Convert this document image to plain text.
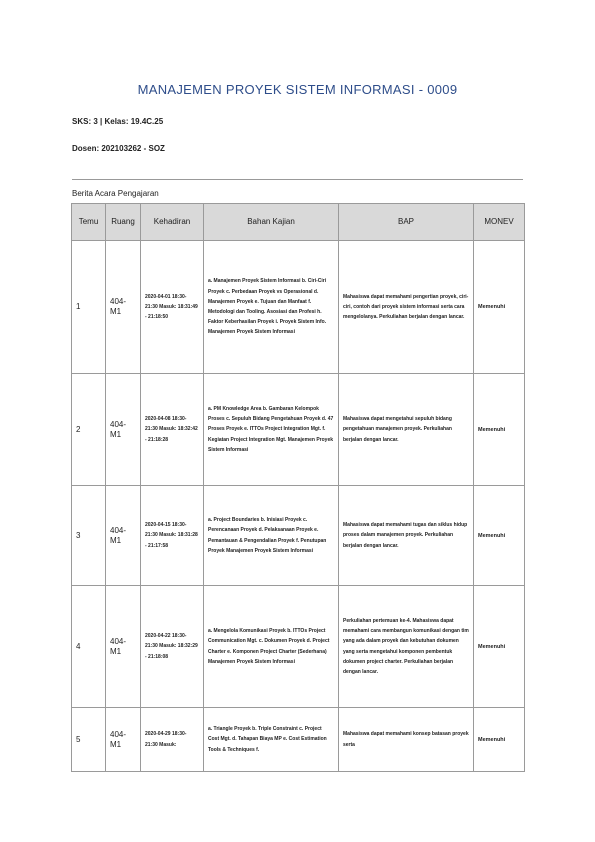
MANAJEMEN PROYEK SISTEM INFORMASI - 0009
SKS: 3 | Kelas: 19.4C.25
Dosen: 202103262 - SOZ
Berita Acara Pengajaran
Temu	Ruang	Kehadiran	Bahan Kajian	BAP	MONEV
1	404-M1	2020-04-01 18:30-21:30 Masuk: 18:31:49 - 21:18:50	a. Manajemen Proyek Sistem Informasi b. Ciri-Ciri Proyek c. Perbedaan Proyek vs Operasional d. Manajemen Proyek e. Tujuan dan Manfaat f. Metodologi dan Tooling. Asosiasi dan Profesi h. Faktor Keberhasilan Proyek i. Proyek Sistem Info. Manajemen Proyek Sistem Informasi	Mahasiswa dapat memahami pengertian proyek, ciri-ciri, contoh dari proyek sistem informasi serta cara mengelolanya. Perkuliahan berjalan dengan lancar.	Memenuhi
2	404-M1	2020-04-08 18:30-21:30 Masuk: 18:32:42 - 21:18:28	a. PM Knowledge Area b. Gambaran Kelompok Proses c. Sepuluh Bidang Pengetahuan Proyek d. 47 Proses Proyek e. ITTOs Project Integration Mgt. f. Kegiatan Project Integration Mgt. Manajemen Proyek Sistem Informasi	Mahasiswa dapat mengetahui sepuluh bidang pengetahuan manajemen proyek. Perkuliahan berjalan dengan lancar.	Memenuhi
3	404-M1	2020-04-15 18:30-21:30 Masuk: 18:31:28 - 21:17:58	a. Project Boundaries b. Inisiasi Proyek c. Perencanaan Proyek d. Pelaksanaan Proyek e. Pemantauan & Pengendalian Proyek f. Penutupan Proyek Manajemen Proyek Sistem Informasi	Mahasiswa dapat memahami tugas dan siklus hidup proses dalam manajemen proyek. Perkuliahan berjalan dengan lancar.	Memenuhi
4	404-M1	2020-04-22 18:30-21:30 Masuk: 18:32:29 - 21:18:08	a. Mengelola Komunikasi Proyek b. ITTOs Project Communication Mgt. c. Dokumen Proyek d. Project Charter e. Komponen Project Charter (Sederhana) Manajemen Proyek Sistem Informasi	Perkuliahan pertemuan ke-4. Mahasiswa dapat memahami cara membangun komunikasi dengan tim yang ada dalam proyek dan kebutuhan dokumen yang serta mengetahui komponen pembentuk dokumen project charter. Perkuliahan berjalan dengan lancar.	Memenuhi
5	404-M1	2020-04-29 18:30-21:30 Masuk:	a. Triangle Proyek b. Triple Constraint c. Project Cost Mgt. d. Tahapan Biaya MP e. Cost Estimation Tools & Techniques f.	Mahasiswa dapat memahami konsep batasan proyek serta	Memenuhi
